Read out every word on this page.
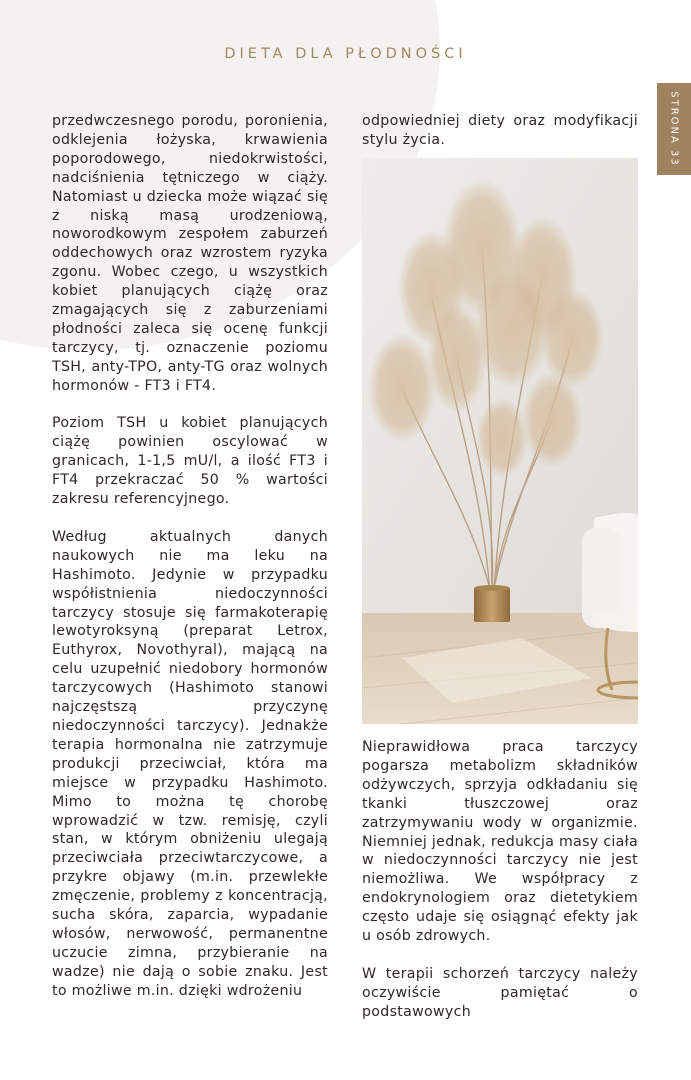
DIETA DLA PŁODNOŚCI
STRONA 33

przedwczesnego porodu, poronienia, odklejenia łożyska, krwawienia poporodowego, niedokrwistości, nadciśnienia tętniczego w ciąży. Natomiast u dziecka może wiązać się z niską masą urodzeniową, noworodkowym zespołem zaburzeń oddechowych oraz wzrostem ryzyka zgonu. Wobec czego, u wszystkich kobiet planujących ciążę oraz zmagających się z zaburzeniami płodności zaleca się ocenę funkcji tarczycy, tj. oznaczenie poziomu TSH, anty-TPO, anty-TG oraz wolnych hormonów - FT3 i FT4.

Poziom TSH u kobiet planujących ciążę powinien oscylować w granicach, 1-1,5 mU/l, a ilość FT3 i FT4 przekraczać 50 % wartości zakresu referencyjnego.

Według aktualnych danych naukowych nie ma leku na Hashimoto. Jedynie w przypadku współistnienia niedoczynności tarczycy stosuje się farmakoterapię lewotyroksyną (preparat Letrox, Euthyrox, Novothyral), mającą na celu uzupełnić niedobory hormonów tarczycowych (Hashimoto stanowi najczęstszą przyczynę niedoczynności tarczycy). Jednakże terapia hormonalna nie zatrzymuje produkcji przeciwciał, która ma miejsce w przypadku Hashimoto. Mimo to można tę chorobę wprowadzić w tzw. remisję, czyli stan, w którym obniżeniu ulegają przeciwciała przeciwtarczycowe, a przykre objawy (m.in. przewlekłe zmęczenie, problemy z koncentracją, sucha skóra, zaparcia, wypadanie włosów, nerwowość, permanentne uczucie zimna, przybieranie na wadze) nie dają o sobie znaku. Jest to możliwe m.in. dzięki wdrożeniu

odpowiedniej diety oraz modyfikacji stylu życia.

Nieprawidłowa praca tarczycy pogarsza metabolizm składników odżywczych, sprzyja odkładaniu się tkanki tłuszczowej oraz zatrzymywaniu wody w organizmie. Niemniej jednak, redukcja masy ciała w niedoczynności tarczycy nie jest niemożliwa. We współpracy z endokrynologiem oraz dietetykiem często udaje się osiągnąć efekty jak u osób zdrowych.

W terapii schorzeń tarczycy należy oczywiście pamiętać o podstawowych
